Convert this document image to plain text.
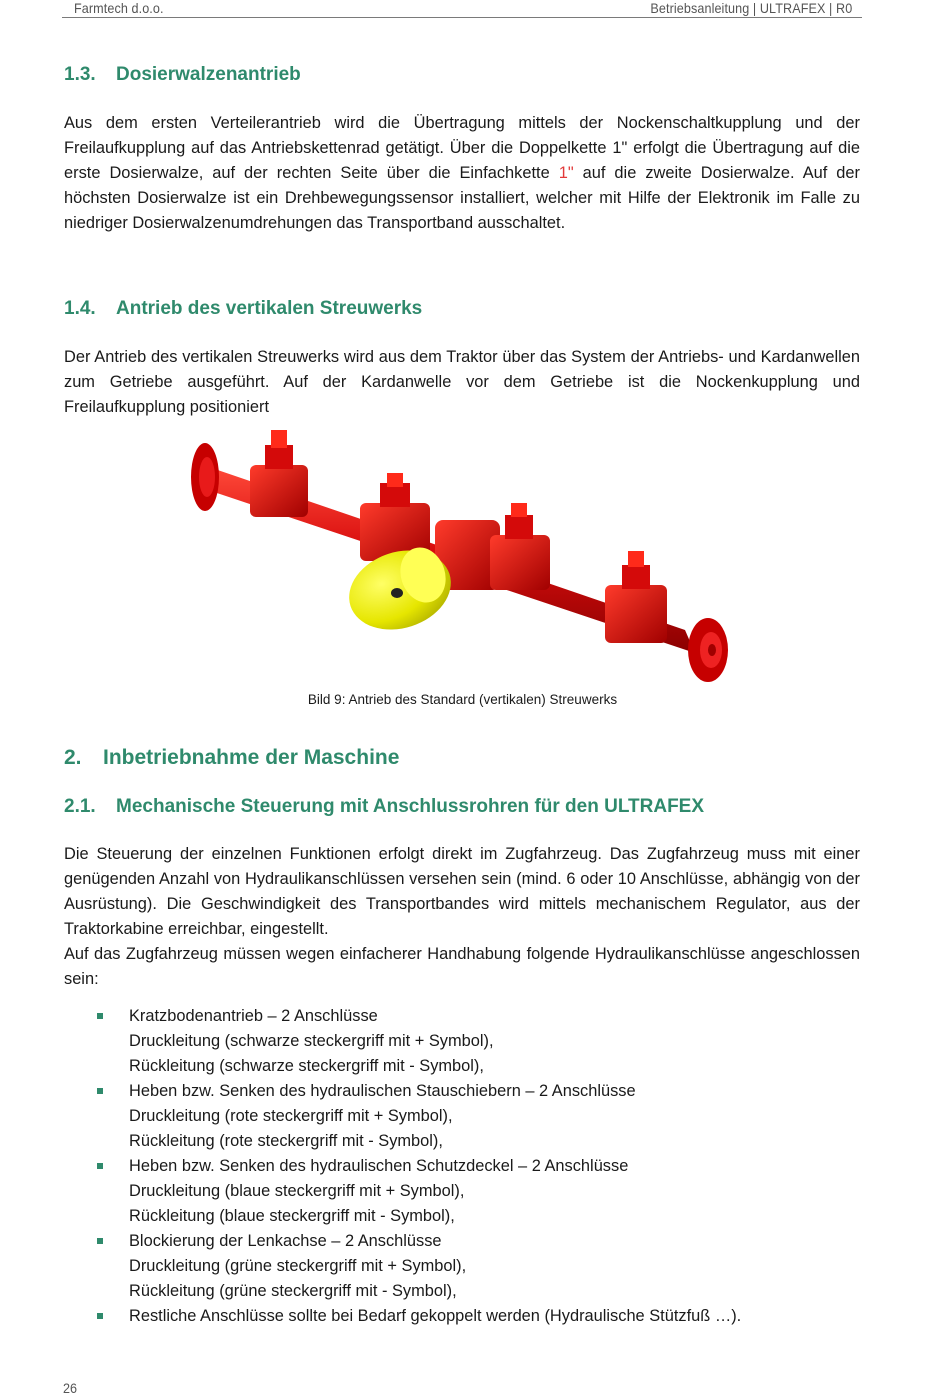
Farmtech d.o.o.	Betriebsanleitung | ULTRAFEX | R0
1.3. Dosierwalzenantrieb

Aus dem ersten Verteilerantrieb wird die Übertragung mittels der Nockenschaltkupplung und der Freilaufkupplung auf das Antriebskettenrad getätigt. Über die Doppelkette 1" erfolgt die Übertragung auf die erste Dosierwalze, auf der rechten Seite über die Einfachkette 1" auf die zweite Dosierwalze. Auf der höchsten Dosierwalze ist ein Drehbewegungssensor installiert, welcher mit Hilfe der Elektronik im Falle zu niedriger Dosierwalzenumdrehungen das Transportband ausschaltet.

1.4. Antrieb des vertikalen Streuwerks

Der Antrieb des vertikalen Streuwerks wird aus dem Traktor über das System der Antriebs- und Kardanwellen zum Getriebe ausgeführt. Auf der Kardanwelle vor dem Getriebe ist die Nockenkupplung und Freilaufkupplung positioniert

Bild 9: Antrieb des Standard (vertikalen) Streuwerks
2. Inbetriebnahme der Maschine
2.1. Mechanische Steuerung mit Anschlussrohren für den ULTRAFEX

Die Steuerung der einzelnen Funktionen erfolgt direkt im Zugfahrzeug. Das Zugfahrzeug muss mit einer genügenden Anzahl von Hydraulikanschlüssen versehen sein (mind. 6 oder 10 Anschlüsse, abhängig von der Ausrüstung). Die Geschwindigkeit des Transportbandes wird mittels mechanischem Regulator, aus der Traktorkabine erreichbar, eingestellt.

Auf das Zugfahrzeug müssen wegen einfacherer Handhabung folgende Hydraulikanschlüsse angeschlossen sein:

Kratzbodenantrieb – 2 Anschlüsse
Druckleitung (schwarze steckergriff mit + Symbol),
Rückleitung (schwarze steckergriff mit - Symbol),
Heben bzw. Senken des hydraulischen Stauschiebern – 2 Anschlüsse
Druckleitung (rote steckergriff mit + Symbol),
Rückleitung (rote steckergriff mit - Symbol),
Heben bzw. Senken des hydraulischen Schutzdeckel – 2 Anschlüsse
Druckleitung (blaue steckergriff mit + Symbol),
Rückleitung (blaue steckergriff mit - Symbol),
Blockierung der Lenkachse – 2 Anschlüsse
Druckleitung (grüne steckergriff mit + Symbol),
Rückleitung (grüne steckergriff mit - Symbol),
Restliche Anschlüsse sollte bei Bedarf gekoppelt werden (Hydraulische Stützfuß …).
26
